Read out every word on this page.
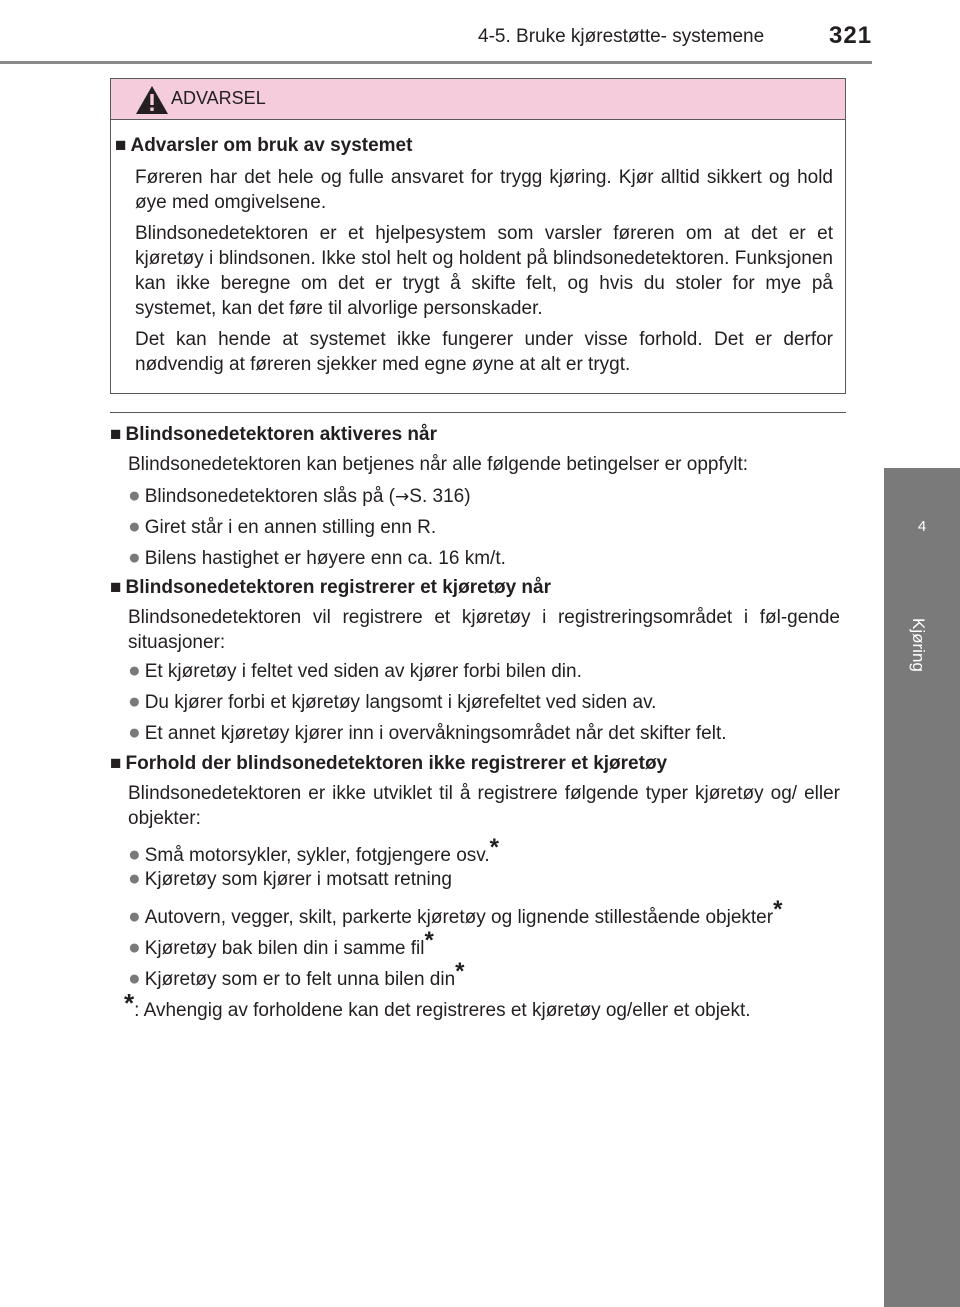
4-5. Bruke kjørestøtte- systemene	321
4
Kjøring
ADVARSEL
■ Advarsler om bruk av systemet
Føreren har det hele og fulle ansvaret for trygg kjøring. Kjør alltid sikkert og hold øye med omgivelsene.
Blindsonedetektoren er et hjelpesystem som varsler føreren om at det er et kjøretøy i blindsonen. Ikke stol helt og holdent på blindsonedetektoren. Funksjonen kan ikke beregne om det er trygt å skifte felt, og hvis du stoler for mye på systemet, kan det føre til alvorlige personskader.
Det kan hende at systemet ikke fungerer under visse forhold. Det er derfor nødvendig at føreren sjekker med egne øyne at alt er trygt.
■ Blindsonedetektoren aktiveres når
Blindsonedetektoren kan betjenes når alle følgende betingelser er oppfylt:
● Blindsonedetektoren slås på (→S. 316)
● Giret står i en annen stilling enn R.
● Bilens hastighet er høyere enn ca. 16 km/t.
■ Blindsonedetektoren registrerer et kjøretøy når
Blindsonedetektoren vil registrere et kjøretøy i registreringsområdet i føl-gende situasjoner:
● Et kjøretøy i feltet ved siden av kjører forbi bilen din.
● Du kjører forbi et kjøretøy langsomt i kjørefeltet ved siden av.
● Et annet kjøretøy kjører inn i overvåkningsområdet når det skifter felt.
■ Forhold der blindsonedetektoren ikke registrerer et kjøretøy
Blindsonedetektoren er ikke utviklet til å registrere følgende typer kjøretøy og/ eller objekter:
● Små motorsykler, sykler, fotgjengere osv.*
● Kjøretøy som kjører i motsatt retning
● Autovern, vegger, skilt, parkerte kjøretøy og lignende stillestående objekter*
● Kjøretøy bak bilen din i samme fil*
● Kjøretøy som er to felt unna bilen din*
*: Avhengig av forholdene kan det registreres et kjøretøy og/eller et objekt.
